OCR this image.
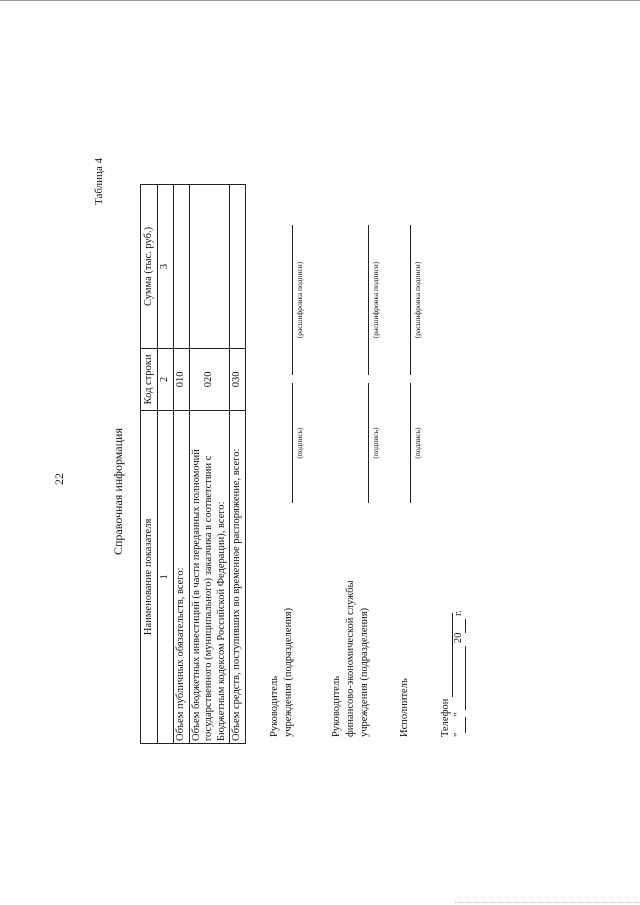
22	Справочная информация
Таблица 4
Наименование показателя	Код строки	Сумма (тыс. руб.)
1	2	3
Объем публичных обязательств, всего:	010	
Объем бюджетных инвестиций (в части переданных полномочий государственного (муниципального) заказчика в соответствии с Бюджетным кодексом Российской Федерации), всего:	020	
Объем средств, поступивших во временное распоряжение, всего:	030	
Руководитель учреждения (подразделения)
(подпись)
(расшифровка подписи)
Руководитель финансово-экономической службы учреждения (подразделения)
(подпись)
(расшифровка подписи)
Исполнитель
(подпись)
(расшифровка подписи)
Телефон ""  20 г.
